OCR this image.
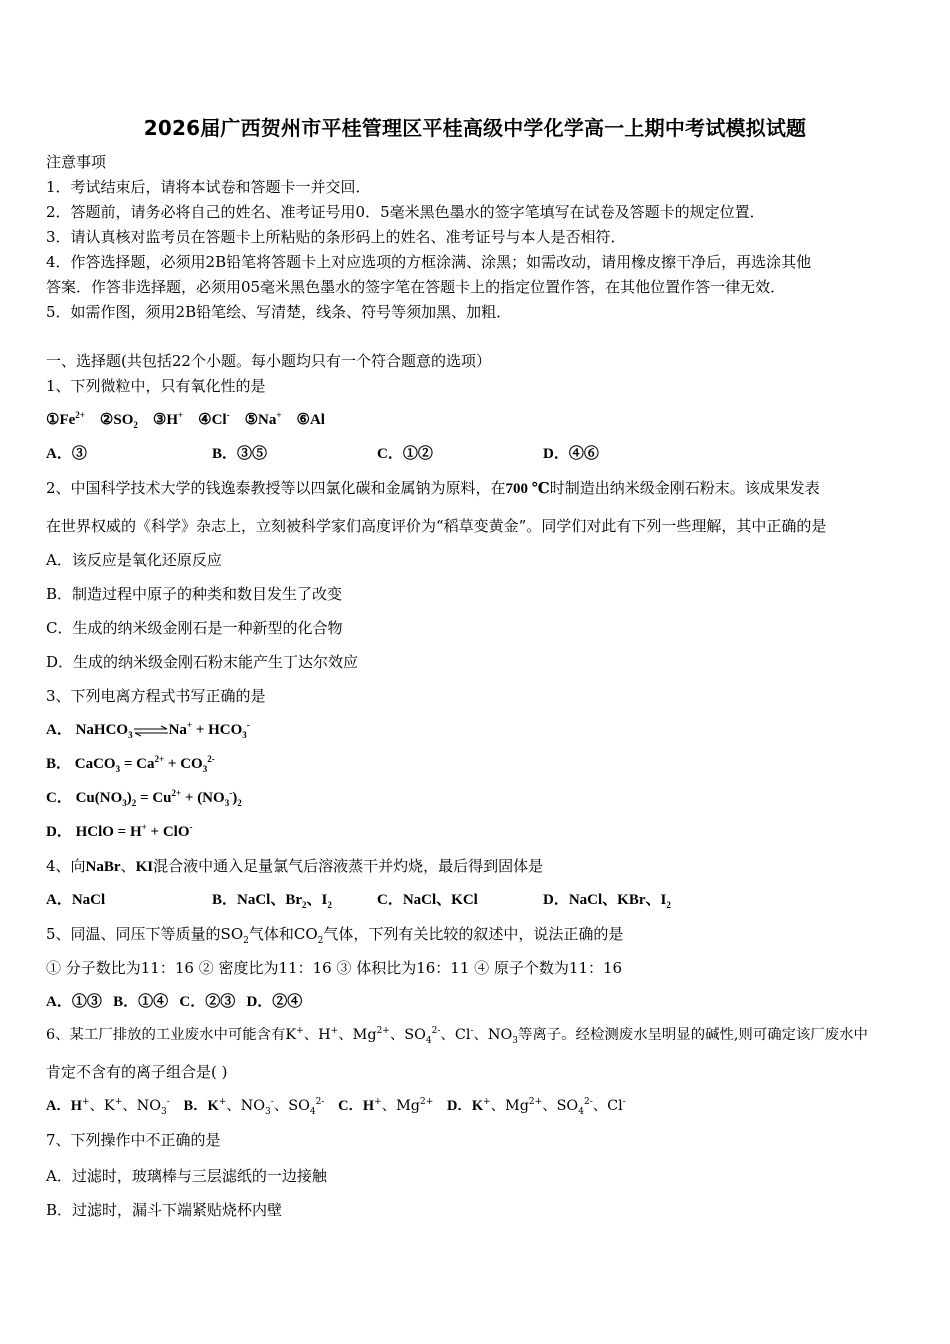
2026届广西贺州市平桂管理区平桂高级中学化学高一上期中考试模拟试题
注意事项
1．考试结束后，请将本试卷和答题卡一并交回．
2．答题前，请务必将自己的姓名、准考证号用0．5毫米黑色墨水的签字笔填写在试卷及答题卡的规定位置．
3．请认真核对监考员在答题卡上所粘贴的条形码上的姓名、准考证号与本人是否相符．
4．作答选择题，必须用2B铅笔将答题卡上对应选项的方框涂满、涂黑；如需改动，请用橡皮擦干净后，再选涂其他
答案．作答非选择题，必须用05毫米黑色墨水的签字笔在答题卡上的指定位置作答，在其他位置作答一律无效．
5．如需作图，须用2B铅笔绘、写清楚，线条、符号等须加黑、加粗．
一、选择题(共包括22个小题。每小题均只有一个符合题意的选项）
1、下列微粒中，只有氧化性的是
$①Fe^{2+}$ $②SO_2$ ③H+ ④Cl- ⑤Na+ ⑥Al
A．③	B．③⑤	C．①②	D．④⑥
2、中国科学技术大学的钱逸泰教授等以四氯化碳和金属钠为原料，在700 ℃时制造出纳米级金刚石粉末。该成果发表
在世界权威的《科学》杂志上，立刻被科学家们高度评价为“稻草变黄金”。同学们对此有下列一些理解，其中正确的是
A．该反应是氧化还原反应
B．制造过程中原子的种类和数目发生了改变
C．生成的纳米级金刚石是一种新型的化合物
D．生成的纳米级金刚石粉末能产生丁达尔效应
3、下列电离方程式书写正确的是
A． NaHCO$_3$⇌Na+ + $HCO_3^-$
B． CaCO$_3$ = $Ca^{2+} + CO_3^{2-}$
C． $Cu(NO_3)_2 = Cu^{2+} + (NO_3^-)_2$
D． HClO = H+ + ClO-
4、向NaBr、KI混合液中通入足量氯气后溶液蒸干并灼烧，最后得到固体是
A．NaCl	B．NaCl、$Br_2$、$I_2$	C．NaCl、KCl	D．NaCl、KBr、$I_2$
5、同温、同压下等质量的$SO_2$气体和$CO_2$气体，下列有关比较的叙述中，说法正确的是
① 分子数比为11：16 ② 密度比为11：16 ③ 体积比为16：11 ④ 原子个数为11：16
A．①③ B．①④ C．②③ D．②④
6、某工厂排放的工业废水中可能含有K+、H+、$Mg^{2+}$、$SO_4^{2-}$、Cl-、$NO_3$等离子。经检测废水呈明显的碱性,则可确定该厂废水中
肯定不含有的离子组合是( )
A．H+、K+、$NO_3^-$ B．K+、$NO_3^-$、$SO_4^{2-}$ C．H+、$Mg^{2+}$ D．K+、$Mg^{2+}$、$SO_4^{2-}$、Cl-
7、下列操作中不正确的是
A．过滤时，玻璃棒与三层滤纸的一边接触
B．过滤时，漏斗下端紧贴烧杯内壁
